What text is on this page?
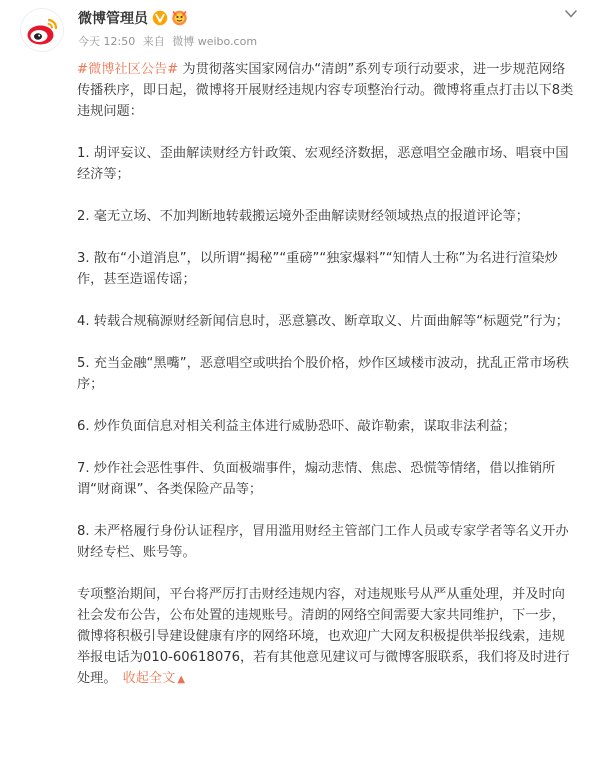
微博管理员
今天 12:50 来自 微博 weibo.com

#微博社区公告# 为贯彻落实国家网信办“清朗”系列专项行动要求，进一步规范网络传播秩序，即日起，微博将开展财经违规内容专项整治行动。微博将重点打击以下8类违规问题：

1. 胡评妄议、歪曲解读财经方针政策、宏观经济数据，恶意唱空金融市场、唱衰中国经济等；

2. 毫无立场、不加判断地转载搬运境外歪曲解读财经领域热点的报道评论等；

3. 散布“小道消息”，以所谓“揭秘”“重磅”“独家爆料”“知情人士称”为名进行渲染炒作，甚至造谣传谣；

4. 转载合规稿源财经新闻信息时，恶意篡改、断章取义、片面曲解等“标题党”行为；

5. 充当金融“黑嘴”，恶意唱空或哄抬个股价格，炒作区域楼市波动，扰乱正常市场秩序；

6. 炒作负面信息对相关利益主体进行威胁恐吓、敲诈勒索，谋取非法利益；

7. 炒作社会恶性事件、负面极端事件，煽动悲情、焦虑、恐慌等情绪，借以推销所谓“财商课”、各类保险产品等；

8. 未严格履行身份认证程序，冒用滥用财经主管部门工作人员或专家学者等名义开办财经专栏、账号等。

专项整治期间，平台将严厉打击财经违规内容，对违规账号从严从重处理，并及时向社会发布公告，公布处置的违规账号。清朗的网络空间需要大家共同维护，下一步，微博将积极引导建设健康有序的网络环境，也欢迎广大网友积极提供举报线索，违规举报电话为010-60618076，若有其他意见建议可与微博客服联系，我们将及时进行处理。 收起全文 ▲
